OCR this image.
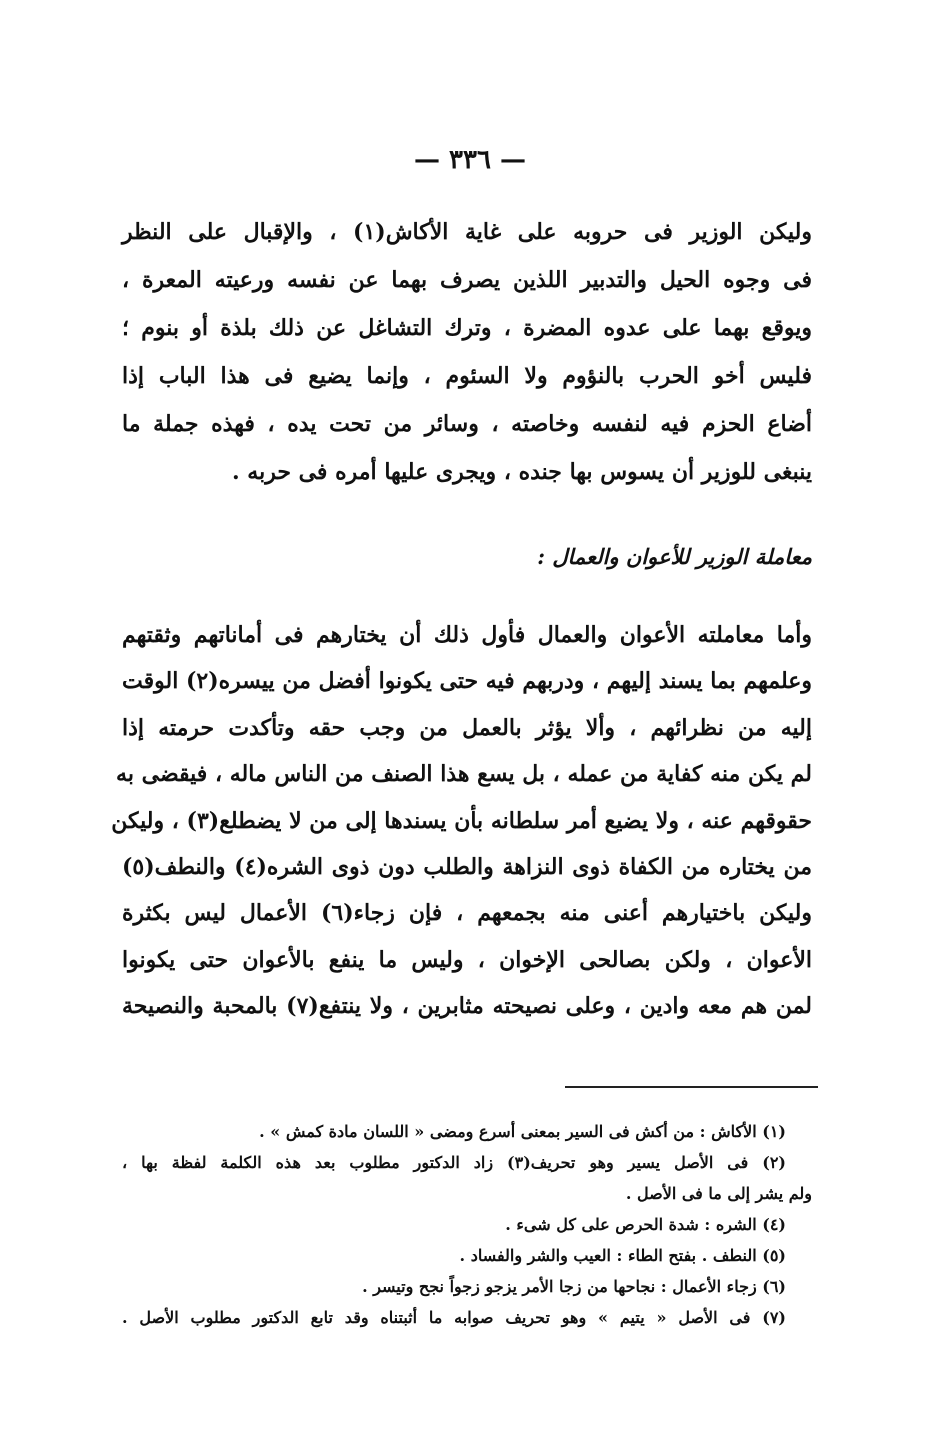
— ٣٣٦ —
وليكن الوزير فى حروبه على غاية الأكاش(١) ، والإقبال على النظر
فى وجوه الحيل والتدبير اللذين يصرف بهما عن نفسه ورعيته المعرة ،
ويوقع بهما على عدوه المضرة ، وترك التشاغل عن ذلك بلذة أو بنوم ؛
فليس أخو الحرب بالنؤوم ولا السئوم ، وإنما يضيع فى هذا الباب إذا
أضاع الحزم فيه لنفسه وخاصته ، وسائر من تحت يده ، فهذه جملة ما
ينبغى للوزير أن يسوس بها جنده ، ويجرى عليها أمره فى حربه .
معاملة الوزير للأعوان والعمال :
وأما معاملته الأعوان والعمال فأول ذلك أن يختارهم فى أماناتهم وثقتهم
وعلمهم بما يسند إليهم ، ودربهم فيه حتى يكونوا أفضل من ييسره(٢) الوقت
إليه من نظرائهم ، وألا يؤثر بالعمل من وجب حقه وتأكدت حرمته إذا
لم يكن منه كفاية من عمله ، بل يسع هذا الصنف من الناس ماله ، فيقضى به
حقوقهم عنه ، ولا يضيع أمر سلطانه بأن يسندها إلى من لا يضطلع(٣) ، وليكن
من يختاره من الكفاة ذوى النزاهة والطلب دون ذوى الشره(٤) والنطف(٥)
وليكن باختيارهم أعنى منه بجمعهم ، فإن زجاء(٦) الأعمال ليس بكثرة
الأعوان ، ولكن بصالحى الإخوان ، وليس ما ينفع بالأعوان حتى يكونوا
لمن هم معه وادين ، وعلى نصيحته مثابرين ، ولا ينتفع(٧) بالمحبة والنصيحة
(١) الأكاش : من أكش فى السير بمعنى أسرع ومضى « اللسان مادة كمش » .
(٢) فى الأصل يسير وهو تحريف(٣) زاد الدكتور مطلوب بعد هذه الكلمة لفظة بها ،
ولم يشر إلى ما فى الأصل .
(٤) الشره : شدة الحرص على كل شىء .
(٥) النطف . بفتح الطاء : العيب والشر والفساد .
(٦) زجاء الأعمال : نجاحها من زجا الأمر يزجو زجواً نجح وتيسر .
(٧) فى الأصل « يتيم » وهو تحريف صوابه ما أثبتناه وقد تابع الدكتور مطلوب الأصل .
